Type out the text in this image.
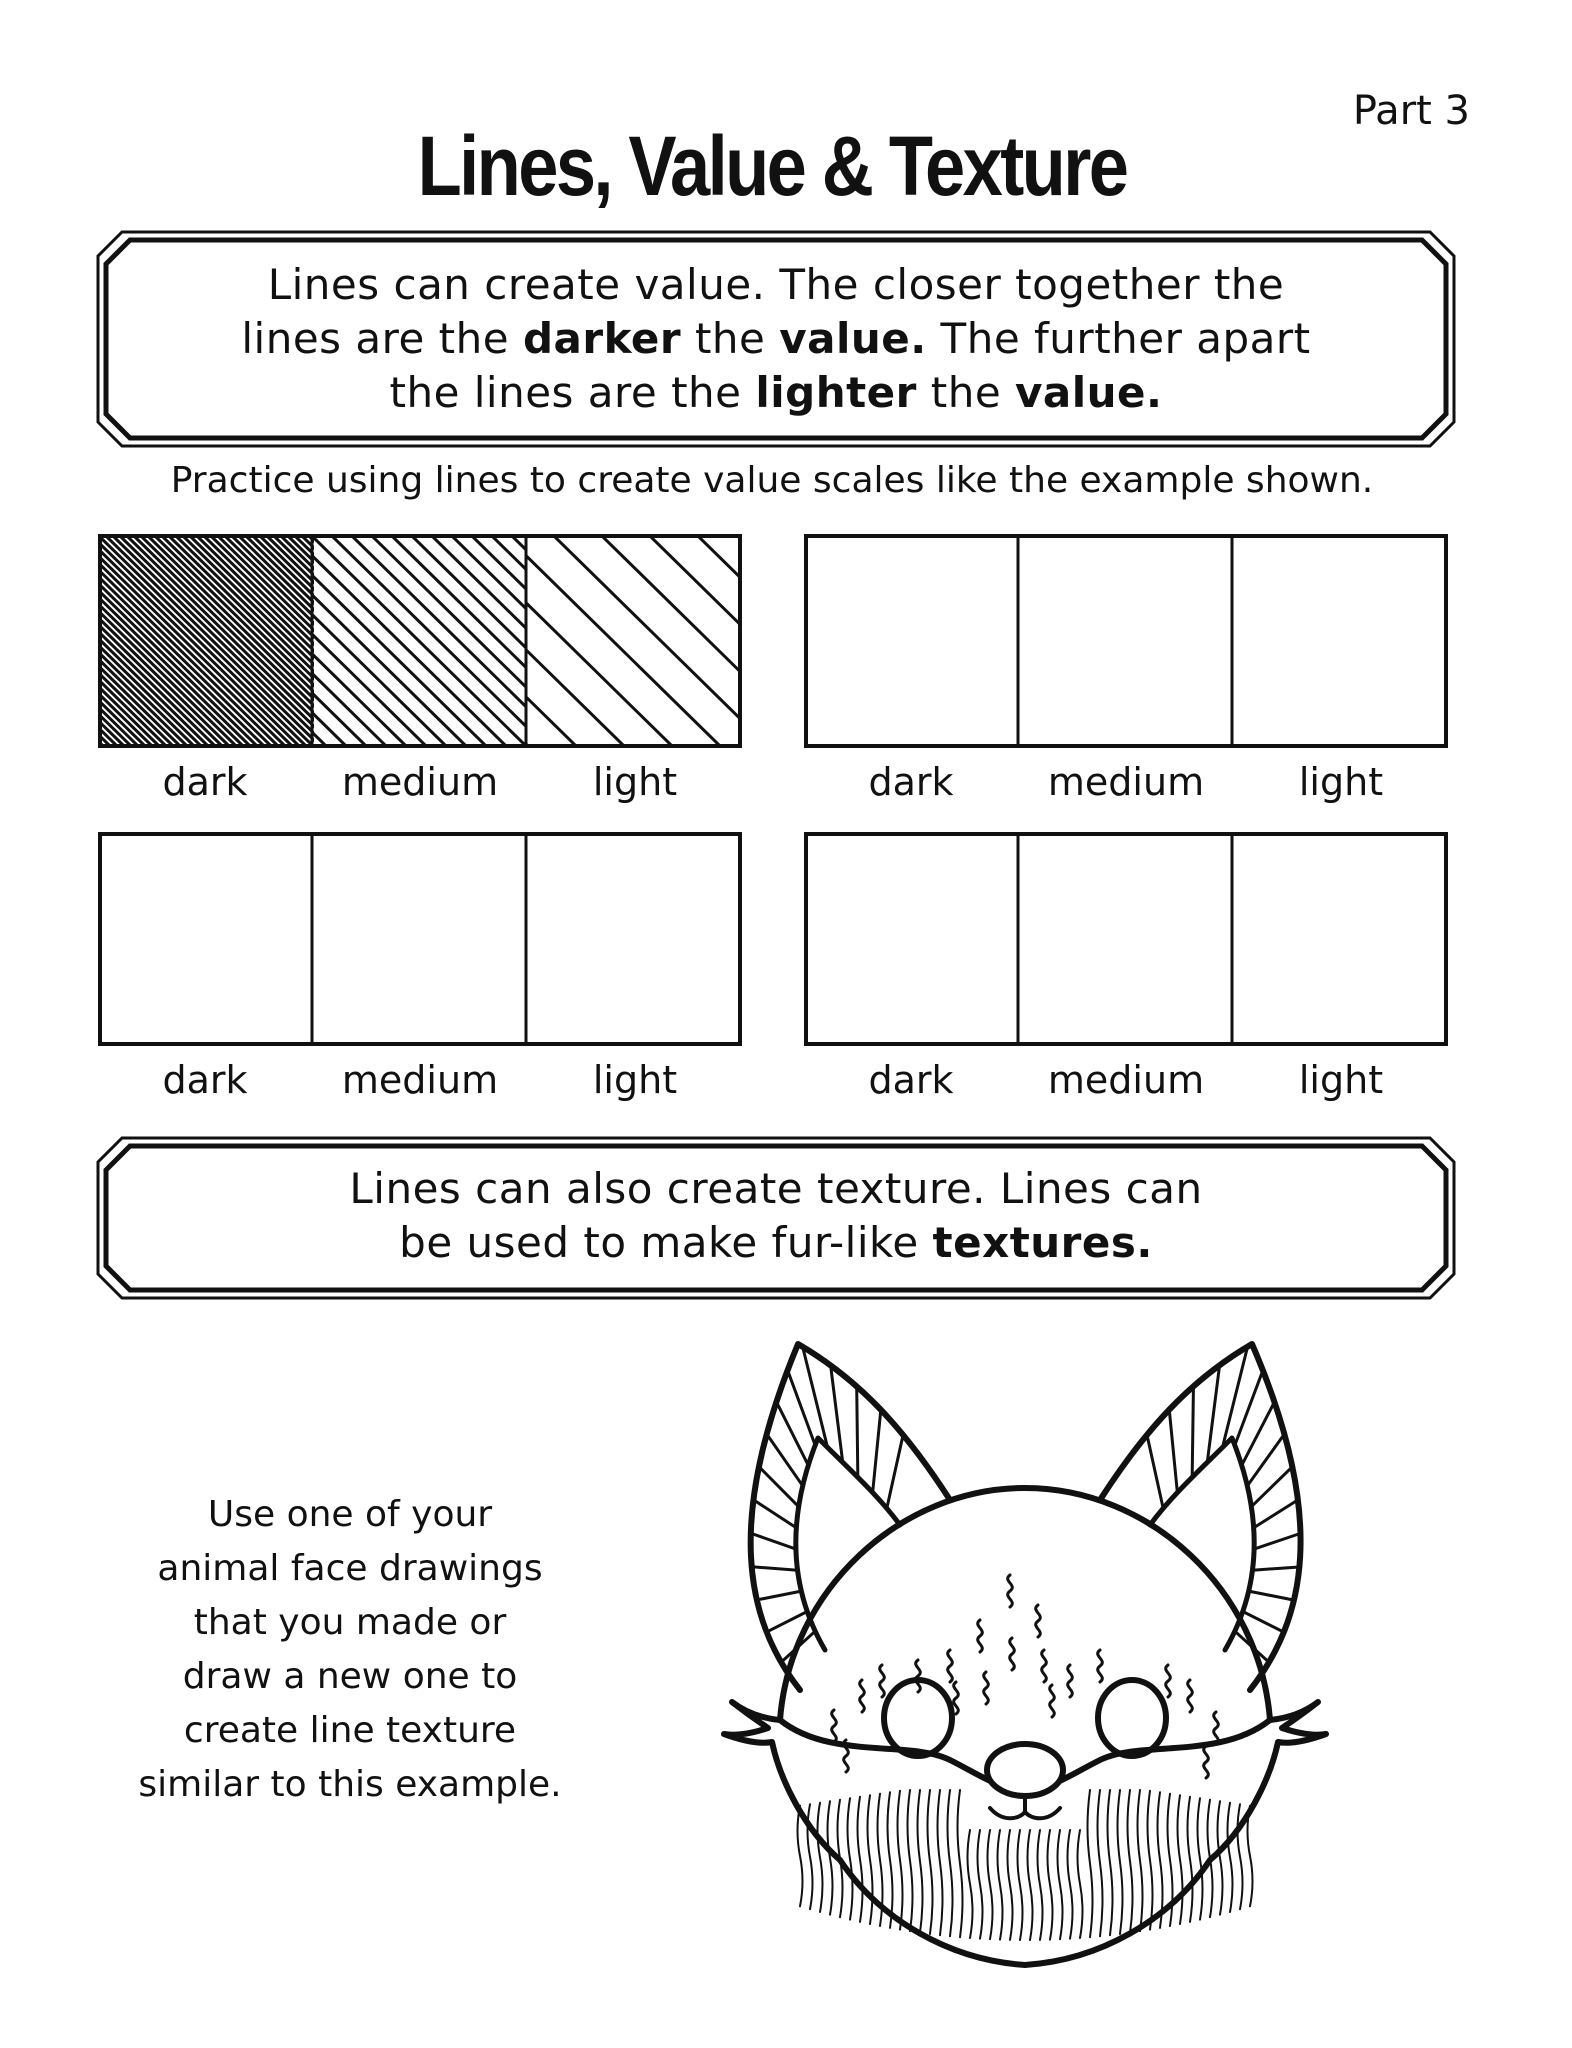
Part 3
Lines, Value & Texture
Lines can create value. The closer together the
lines are the darker the value. The further apart
the lines are the lighter the value.
Practice using lines to create value scales like the example shown.
dark	medium	light	dark	medium	light
dark	medium	light	dark	medium	light
Lines can also create texture. Lines can
be used to make fur-like textures.
Use one of your
animal face drawings
that you made or
draw a new one to
create line texture
similar to this example.
